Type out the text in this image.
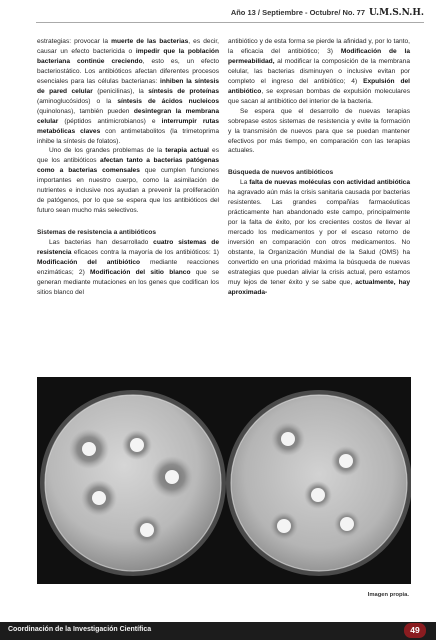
Año 13 / Septiembre - Octubre/ No. 77 U.M.S.N.H.

estrategias: provocar la muerte de las bacterias, es decir, causar un efecto bactericida o impedir que la población bacteriana continúe creciendo, esto es, un efecto bacteriostático. Los antibióticos afectan diferentes procesos esenciales para las células bacterianas: inhiben la síntesis de pared celular (penicilinas), la síntesis de proteínas (aminoglucósidos) o la síntesis de ácidos nucleicos (quinolonas), también pueden desintegran la membrana celular (péptidos antimicrobianos) e interrumpir rutas metabólicas claves con antimetabolitos (la trimetoprima inhibe la síntesis de folatos).

Uno de los grandes problemas de la terapia actual es que los antibióticos afectan tanto a bacterias patógenas como a bacterias comensales que cumplen funciones importantes en nuestro cuerpo, como la asimilación de nutrientes e inclusive nos ayudan a prevenir la proliferación de patógenos, por lo que se espera que los antibióticos del futuro sean mucho más selectivos.

Sistemas de resistencia a antibióticos

Las bacterias han desarrollado cuatro sistemas de resistencia eficaces contra la mayoría de los antibióticos: 1) Modificación del antibiótico mediante reacciones enzimáticas; 2) Modificación del sitio blanco que se generan mediante mutaciones en los genes que codifican los sitios blanco del

antibiótico y de esta forma se pierde la afinidad y, por lo tanto, la eficacia del antibiótico; 3) Modificación de la permeabilidad, al modificar la composición de la membrana celular, las bacterias disminuyen o inclusive evitan por completo el ingreso del antibiótico; 4) Expulsión del antibiótico, se expresan bombas de expulsión moleculares que sacan al antibiótico del interior de la bacteria.

Se espera que el desarrollo de nuevas terapias sobrepase estos sistemas de resistencia y evite la formación y la transmisión de nuevos para que se puedan mantener efectivos por más tiempo, en comparación con las terapias actuales.

Búsqueda de nuevos antibióticos

La falta de nuevas moléculas con actividad antibiótica ha agravado aún más la crisis sanitaria causada por bacterias resistentes. Las grandes compañías farmacéuticas prácticamente han abandonado este campo, principalmente por la falta de éxito, por los crecientes costos de llevar al mercado los medicamentos y por el escaso retorno de inversión en comparación con otros medicamentos. No obstante, la Organización Mundial de la Salud (OMS) ha convertido en una prioridad máxima la búsqueda de nuevas estrategias que puedan aliviar la crisis actual, pero estamos muy lejos de tener éxito y se sabe que, actualmente, hay aproximada-

Imagen propia.
Coordinación de la Investigación Científica	49
